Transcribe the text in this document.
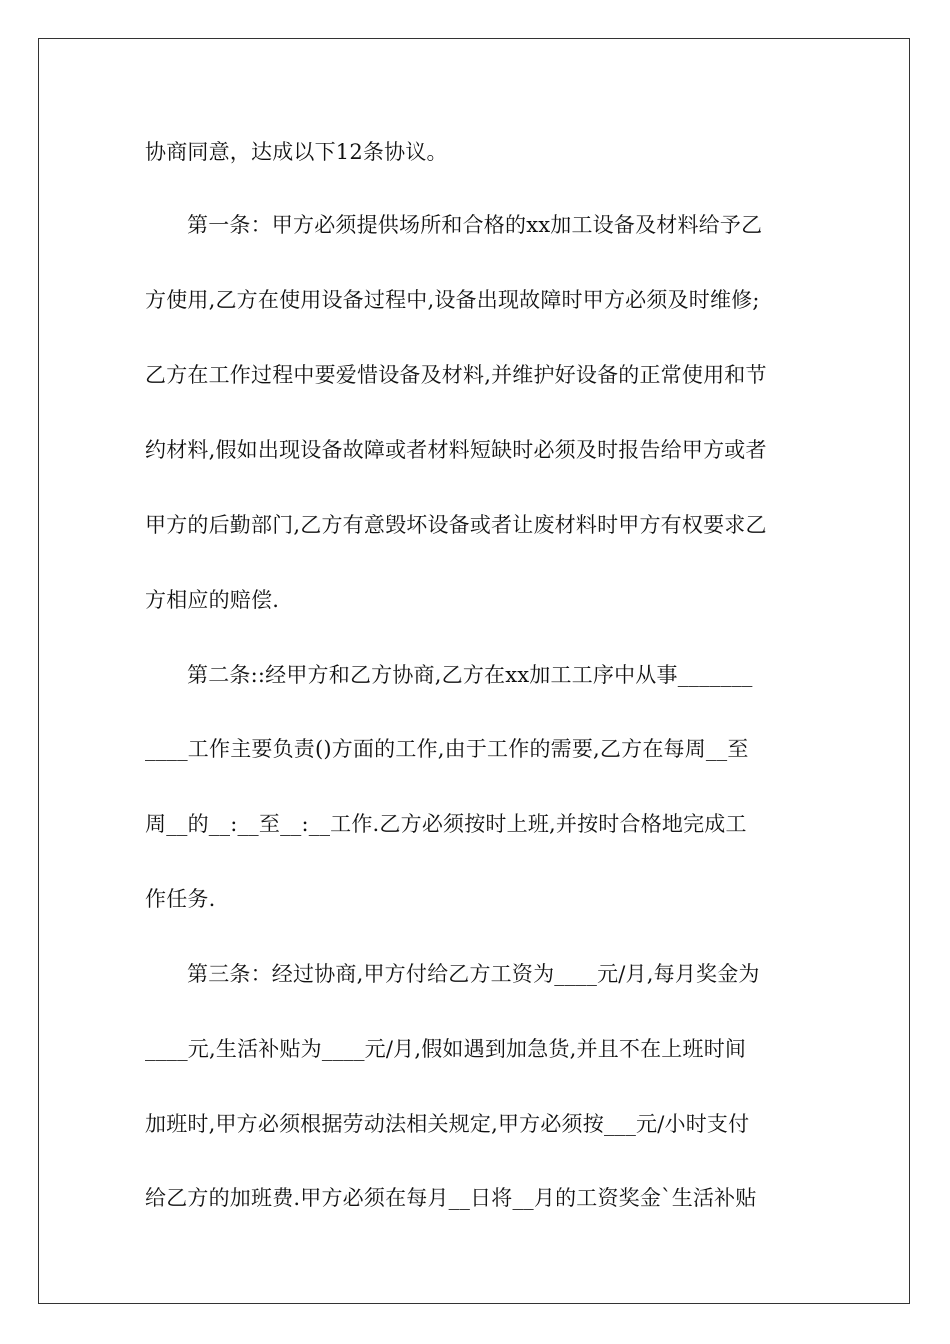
协商同意，达成以下12条协议。
第一条：甲方必须提供场所和合格的xx加工设备及材料给予乙
方使用,乙方在使用设备过程中,设备出现故障时甲方必须及时维修;
乙方在工作过程中要爱惜设备及材料,并维护好设备的正常使用和节
约材料,假如出现设备故障或者材料短缺时必须及时报告给甲方或者
甲方的后勤部门,乙方有意毁坏设备或者让废材料时甲方有权要求乙
方相应的赔偿.
第二条::经甲方和乙方协商,乙方在xx加工工序中从事_______
____工作主要负责()方面的工作,由于工作的需要,乙方在每周__至
周__的__:__至__:__工作.乙方必须按时上班,并按时合格地完成工
作任务.
第三条：经过协商,甲方付给乙方工资为____元/月,每月奖金为
____元,生活补贴为____元/月,假如遇到加急货,并且不在上班时间
加班时,甲方必须根据劳动法相关规定,甲方必须按___元/小时支付
给乙方的加班费.甲方必须在每月__日将__月的工资奖金`生活补贴
